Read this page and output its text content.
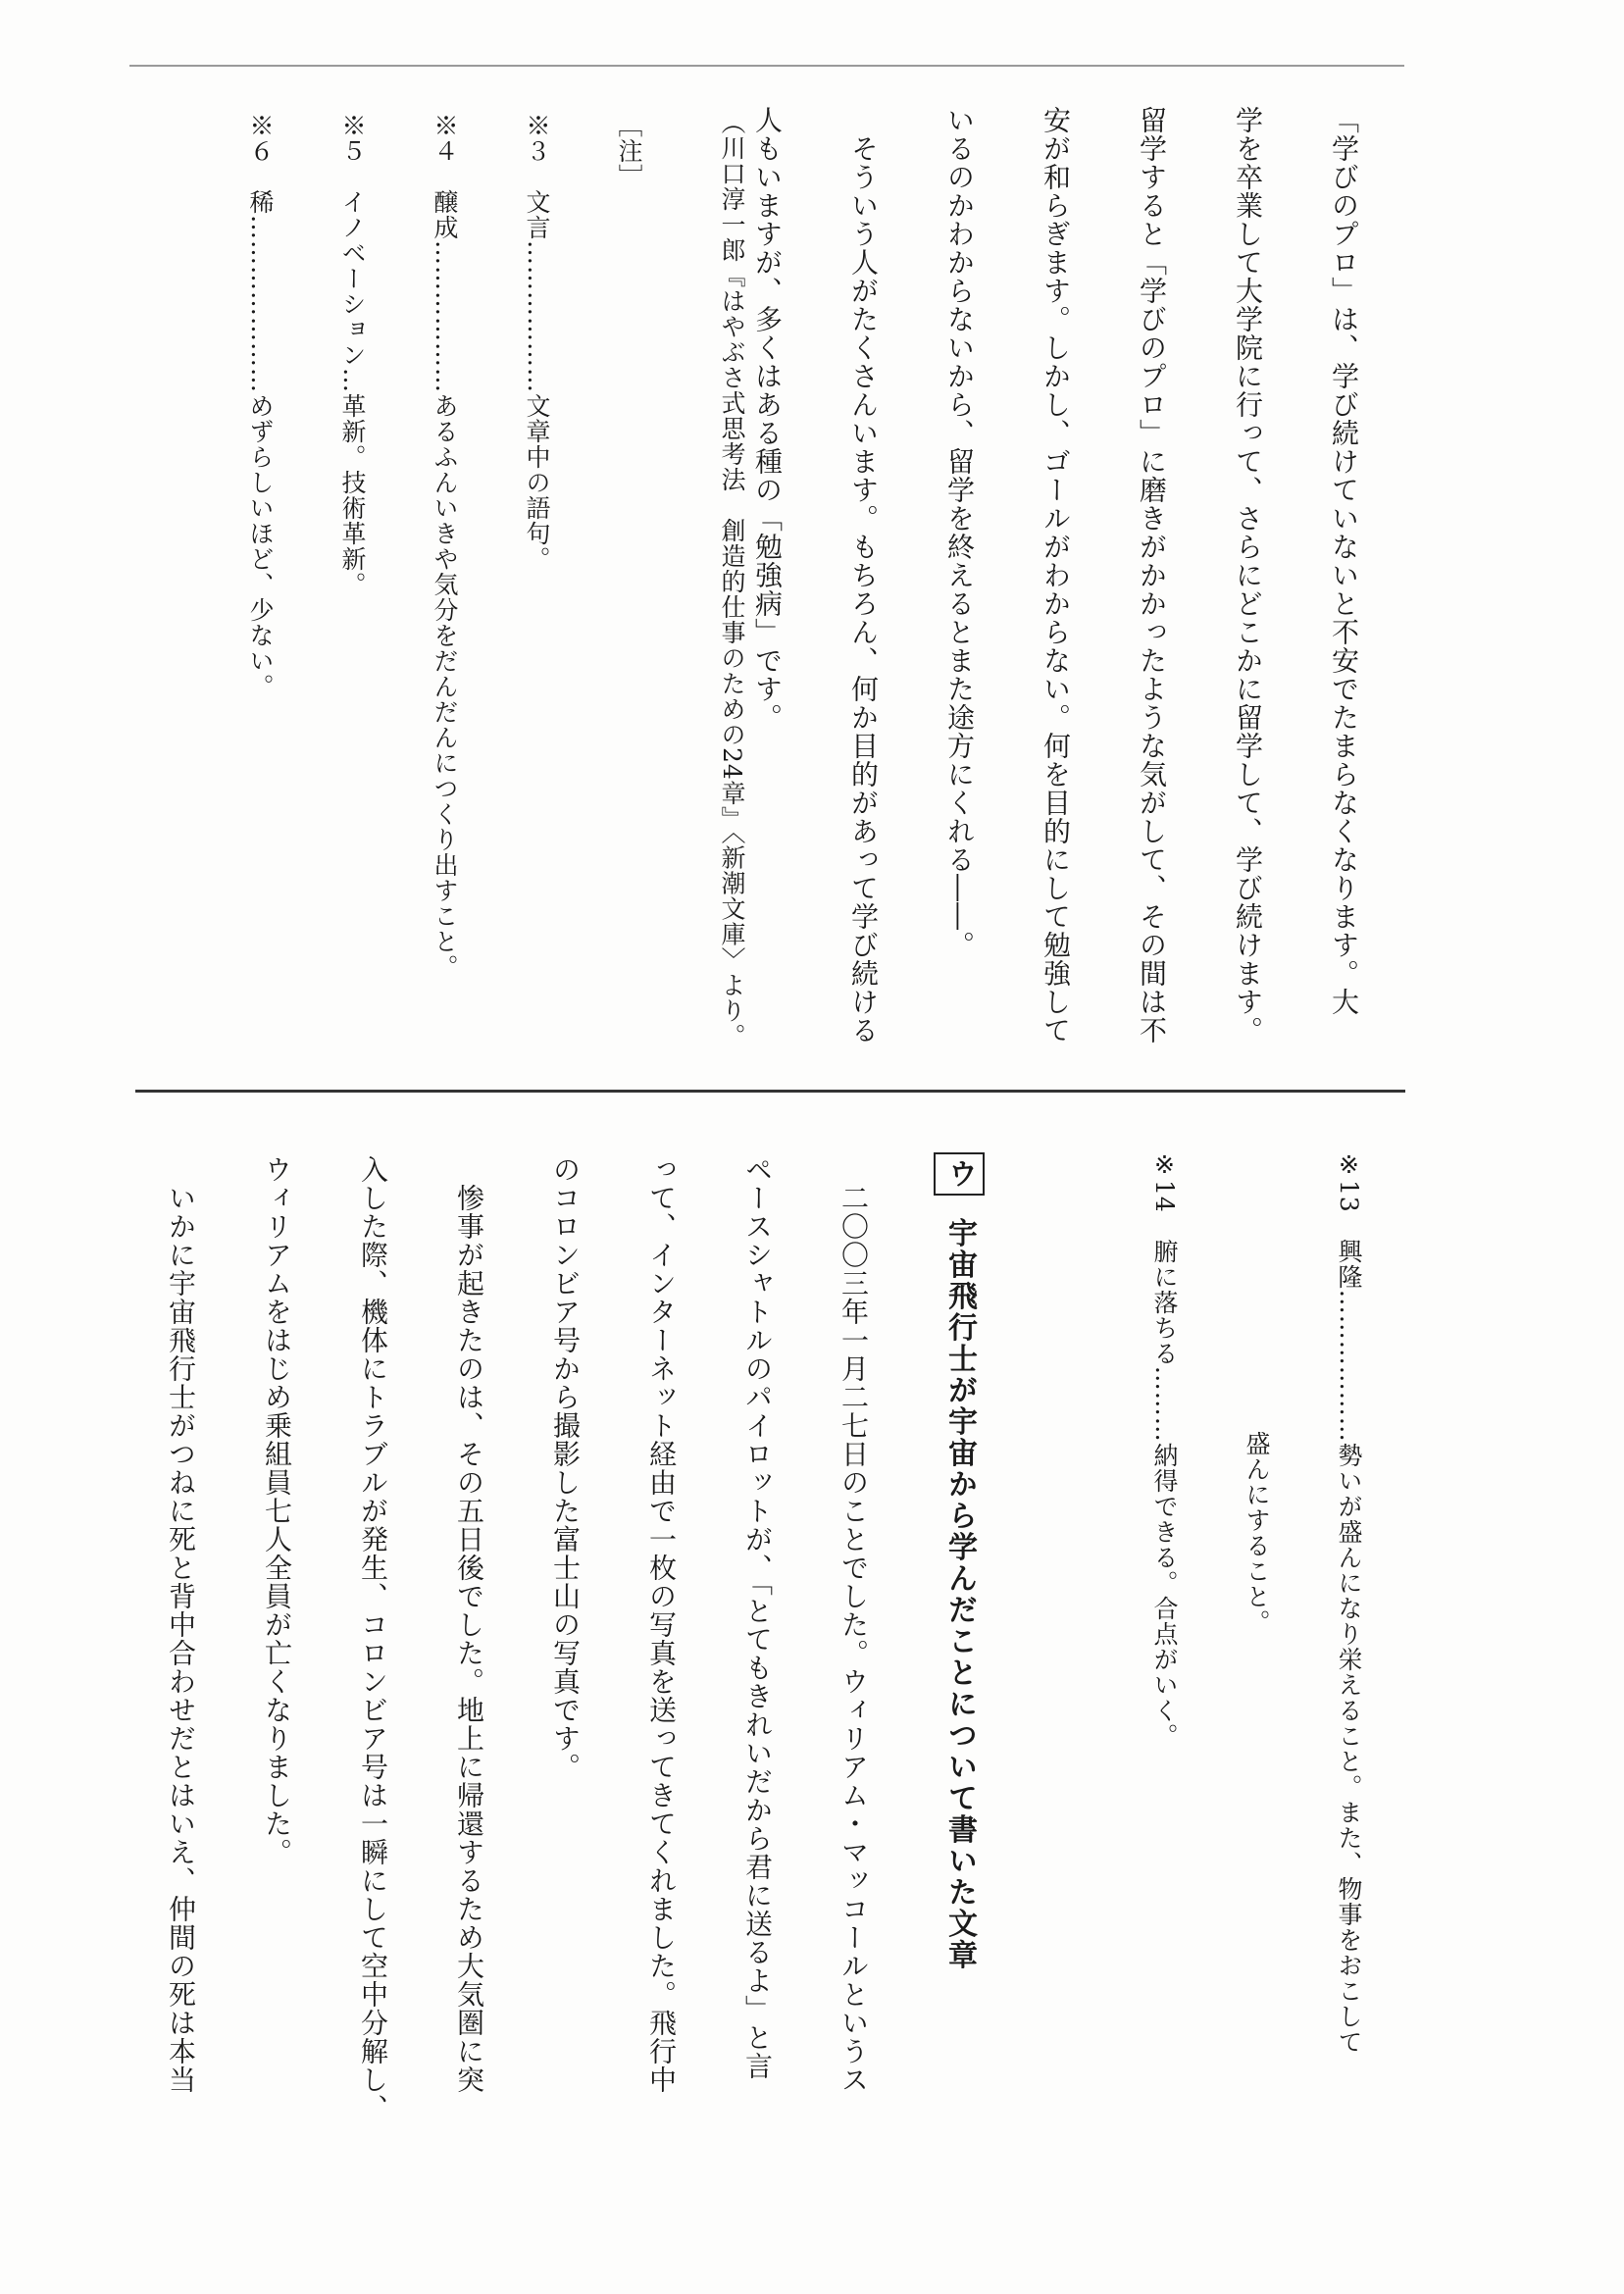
「学びのプロ」は、学び続けていないと不安でたまらなくなります。大

学を卒業して大学院に行って、さらにどこかに留学して、学び続けます。

留学すると「学びのプロ」に磨きがかかったような気がして、その間は不

安が和らぎます。しかし、ゴールがわからない。何を目的にして勉強して

いるのかわからないから、留学を終えるとまた途方にくれる――。

　そういう人がたくさんいます。もちろん、何か目的があって学び続ける

人もいますが、多くはある種の「勉強病」です。

（川口淳一郎『はやぶさ式思考法　創造的仕事のための24章』〈新潮文庫〉より。

［注］

※３　文言………………文章中の語句。

※４　醸成………………あるふんいきや気分をだんだんにつくり出すこと。

※５　イノベーション…革新。技術革新。

※６　稀…………………めずらしいほど、少ない。

※13　興隆………………勢いが盛んになり栄えること。また、物事をおこして

　　　　　　　　　　　盛んにすること。

※14　腑に落ちる………納得できる。合点がいく。

ウ 宇宙飛行士が宇宙から学んだことについて書いた文章

　二〇〇三年一月二七日のことでした。ウィリアム・マッコールというス

ペースシャトルのパイロットが、「とてもきれいだから君に送るよ」と言

って、インターネット経由で一枚の写真を送ってきてくれました。飛行中

のコロンビア号から撮影した富士山の写真です。

　惨事が起きたのは、その五日後でした。地上に帰還するため大気圏に突

入した際、機体にトラブルが発生、コロンビア号は一瞬にして空中分解し、

ウィリアムをはじめ乗組員七人全員が亡くなりました。

　いかに宇宙飛行士がつねに死と背中合わせだとはいえ、仲間の死は本当
